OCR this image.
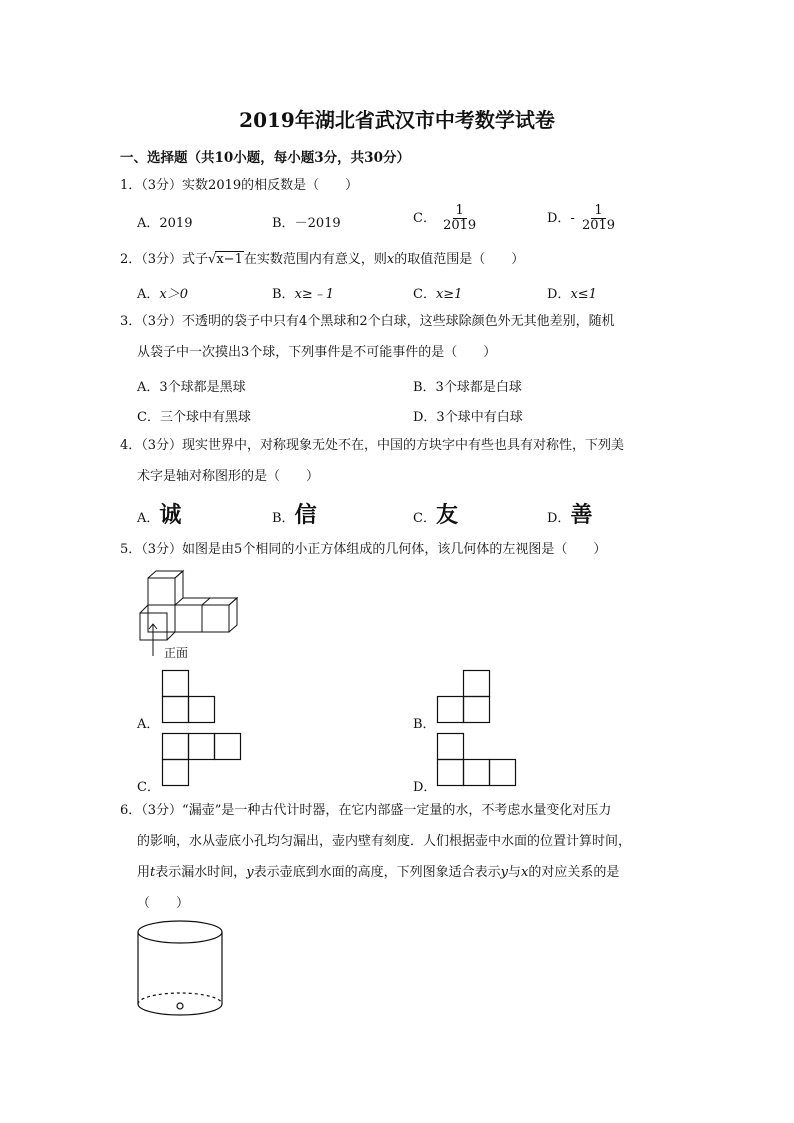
2019年湖北省武汉市中考数学试卷
一、选择题（共10小题，每小题3分，共30分）
1．（3分）实数2019的相反数是（　　）
A．2019	B．－2019	C． $\frac{1}{2019}$	D．- $\frac{1}{2019}$
2．（3分）式子√x−1在实数范围内有意义，则x的取值范围是（　　）
A．x＞0	B．x≥﹣1	C．x≥1	D．x≤1
3．（3分）不透明的袋子中只有4个黑球和2个白球，这些球除颜色外无其他差别，随机
从袋子中一次摸出3个球，下列事件是不可能事件的是（　　）
A．3个球都是黑球	B．3个球都是白球
C．三个球中有黑球	D．3个球中有白球
4．（3分）现实世界中，对称现象无处不在，中国的方块字中有些也具有对称性，下列美
术字是轴对称图形的是（　　）
A．诚	B．信	C．友	D．善
5．（3分）如图是由5个相同的小正方体组成的几何体，该几何体的左视图是（　　）
正面
A．	B．
C．	D．
6．（3分）“漏壶”是一种古代计时器，在它内部盛一定量的水，不考虑水量变化对压力
的影响，水从壶底小孔均匀漏出，壶内壁有刻度．人们根据壶中水面的位置计算时间，
用t表示漏水时间，y表示壶底到水面的高度，下列图象适合表示y与x的对应关系的是
（　　）
